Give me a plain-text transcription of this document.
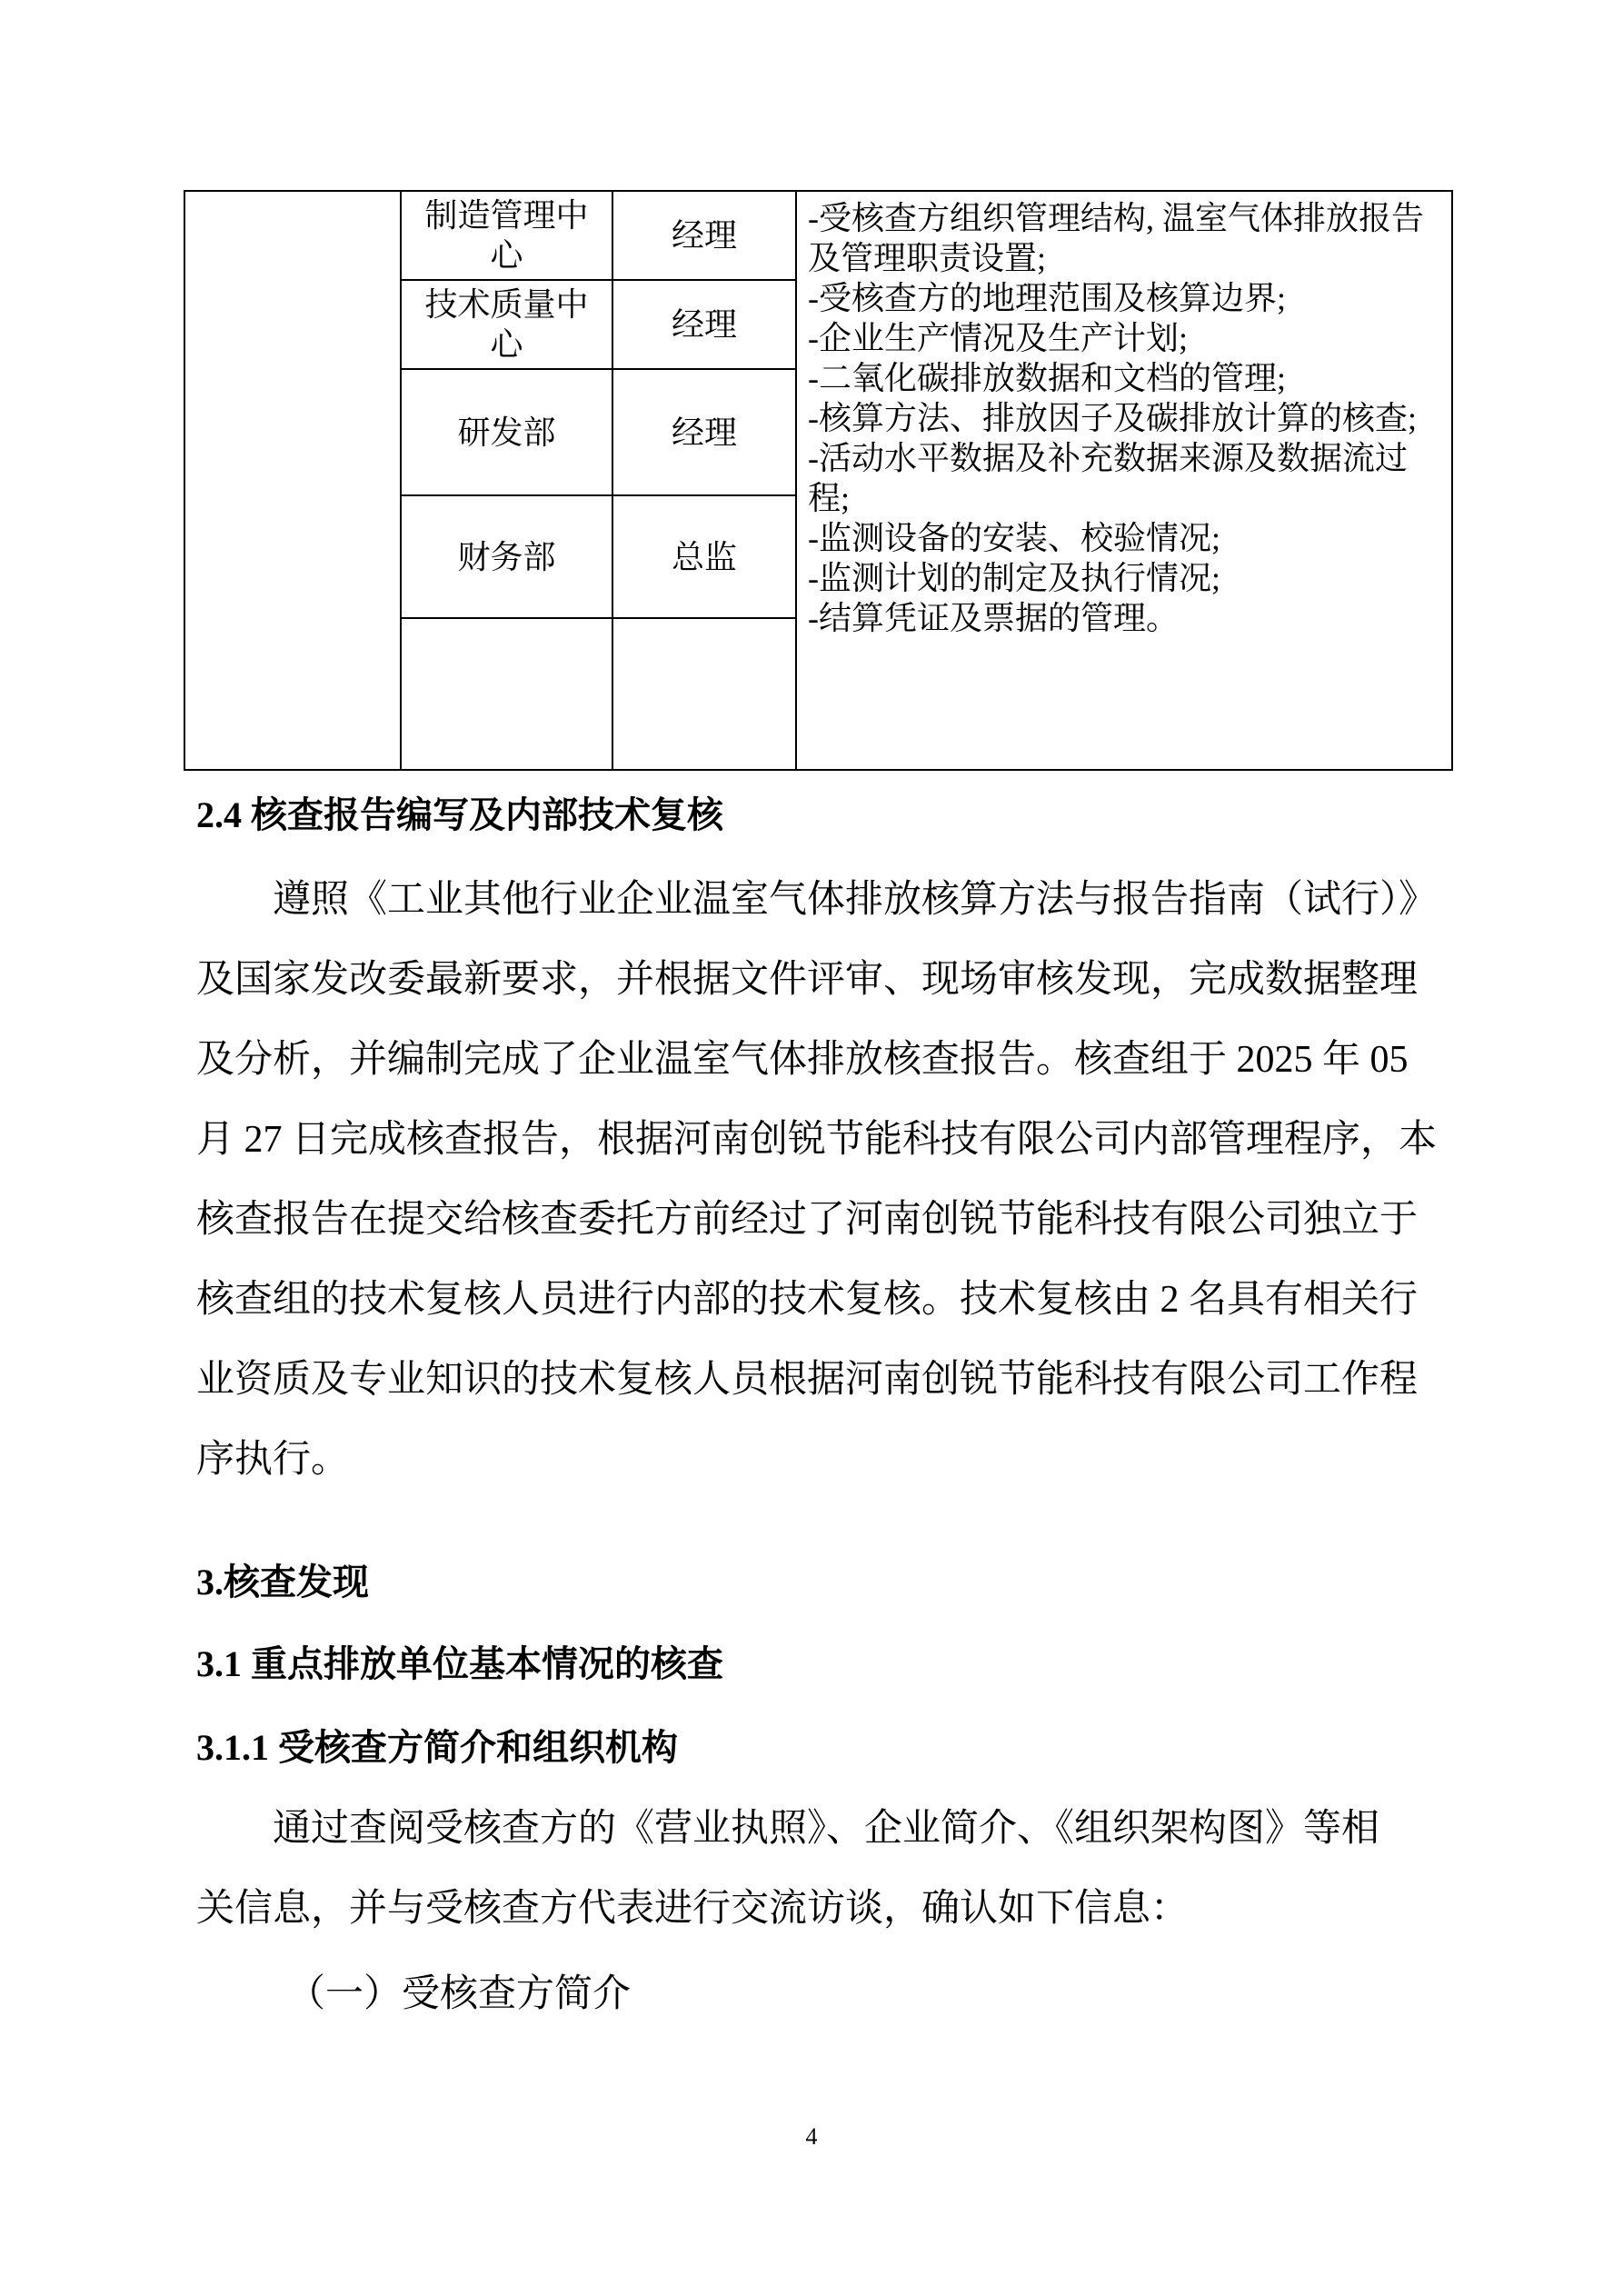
	制造管理中心	经理	-受核查方组织管理结构, 温室气体排放报告及管理职责设置;
-受核查方的地理范围及核算边界;
-企业生产情况及生产计划;
-二氧化碳排放数据和文档的管理;
-核算方法、排放因子及碳排放计算的核查;
-活动水平数据及补充数据来源及数据流过程;
-监测设备的安装、校验情况;
-监测计划的制定及执行情况;
-结算凭证及票据的管理。

	技术质量中心	经理	
	研发部	经理	
	财务部	总监	

2.4 核查报告编写及内部技术复核
遵照《工业其他行业企业温室气体排放核算方法与报告指南（试行）》
及国家发改委最新要求，并根据文件评审、现场审核发现，完成数据整理
及分析，并编制完成了企业温室气体排放核查报告。核查组于 2025 年 05
月 27 日完成核查报告，根据河南创锐节能科技有限公司内部管理程序，本
核查报告在提交给核查委托方前经过了河南创锐节能科技有限公司独立于
核查组的技术复核人员进行内部的技术复核。技术复核由 2 名具有相关行
业资质及专业知识的技术复核人员根据河南创锐节能科技有限公司工作程
序执行。
3.核查发现
3.1 重点排放单位基本情况的核查
3.1.1 受核查方简介和组织机构
通过查阅受核查方的《营业执照》、企业简介、《组织架构图》等相
关信息，并与受核查方代表进行交流访谈，确认如下信息：
（一）受核查方简介
4
